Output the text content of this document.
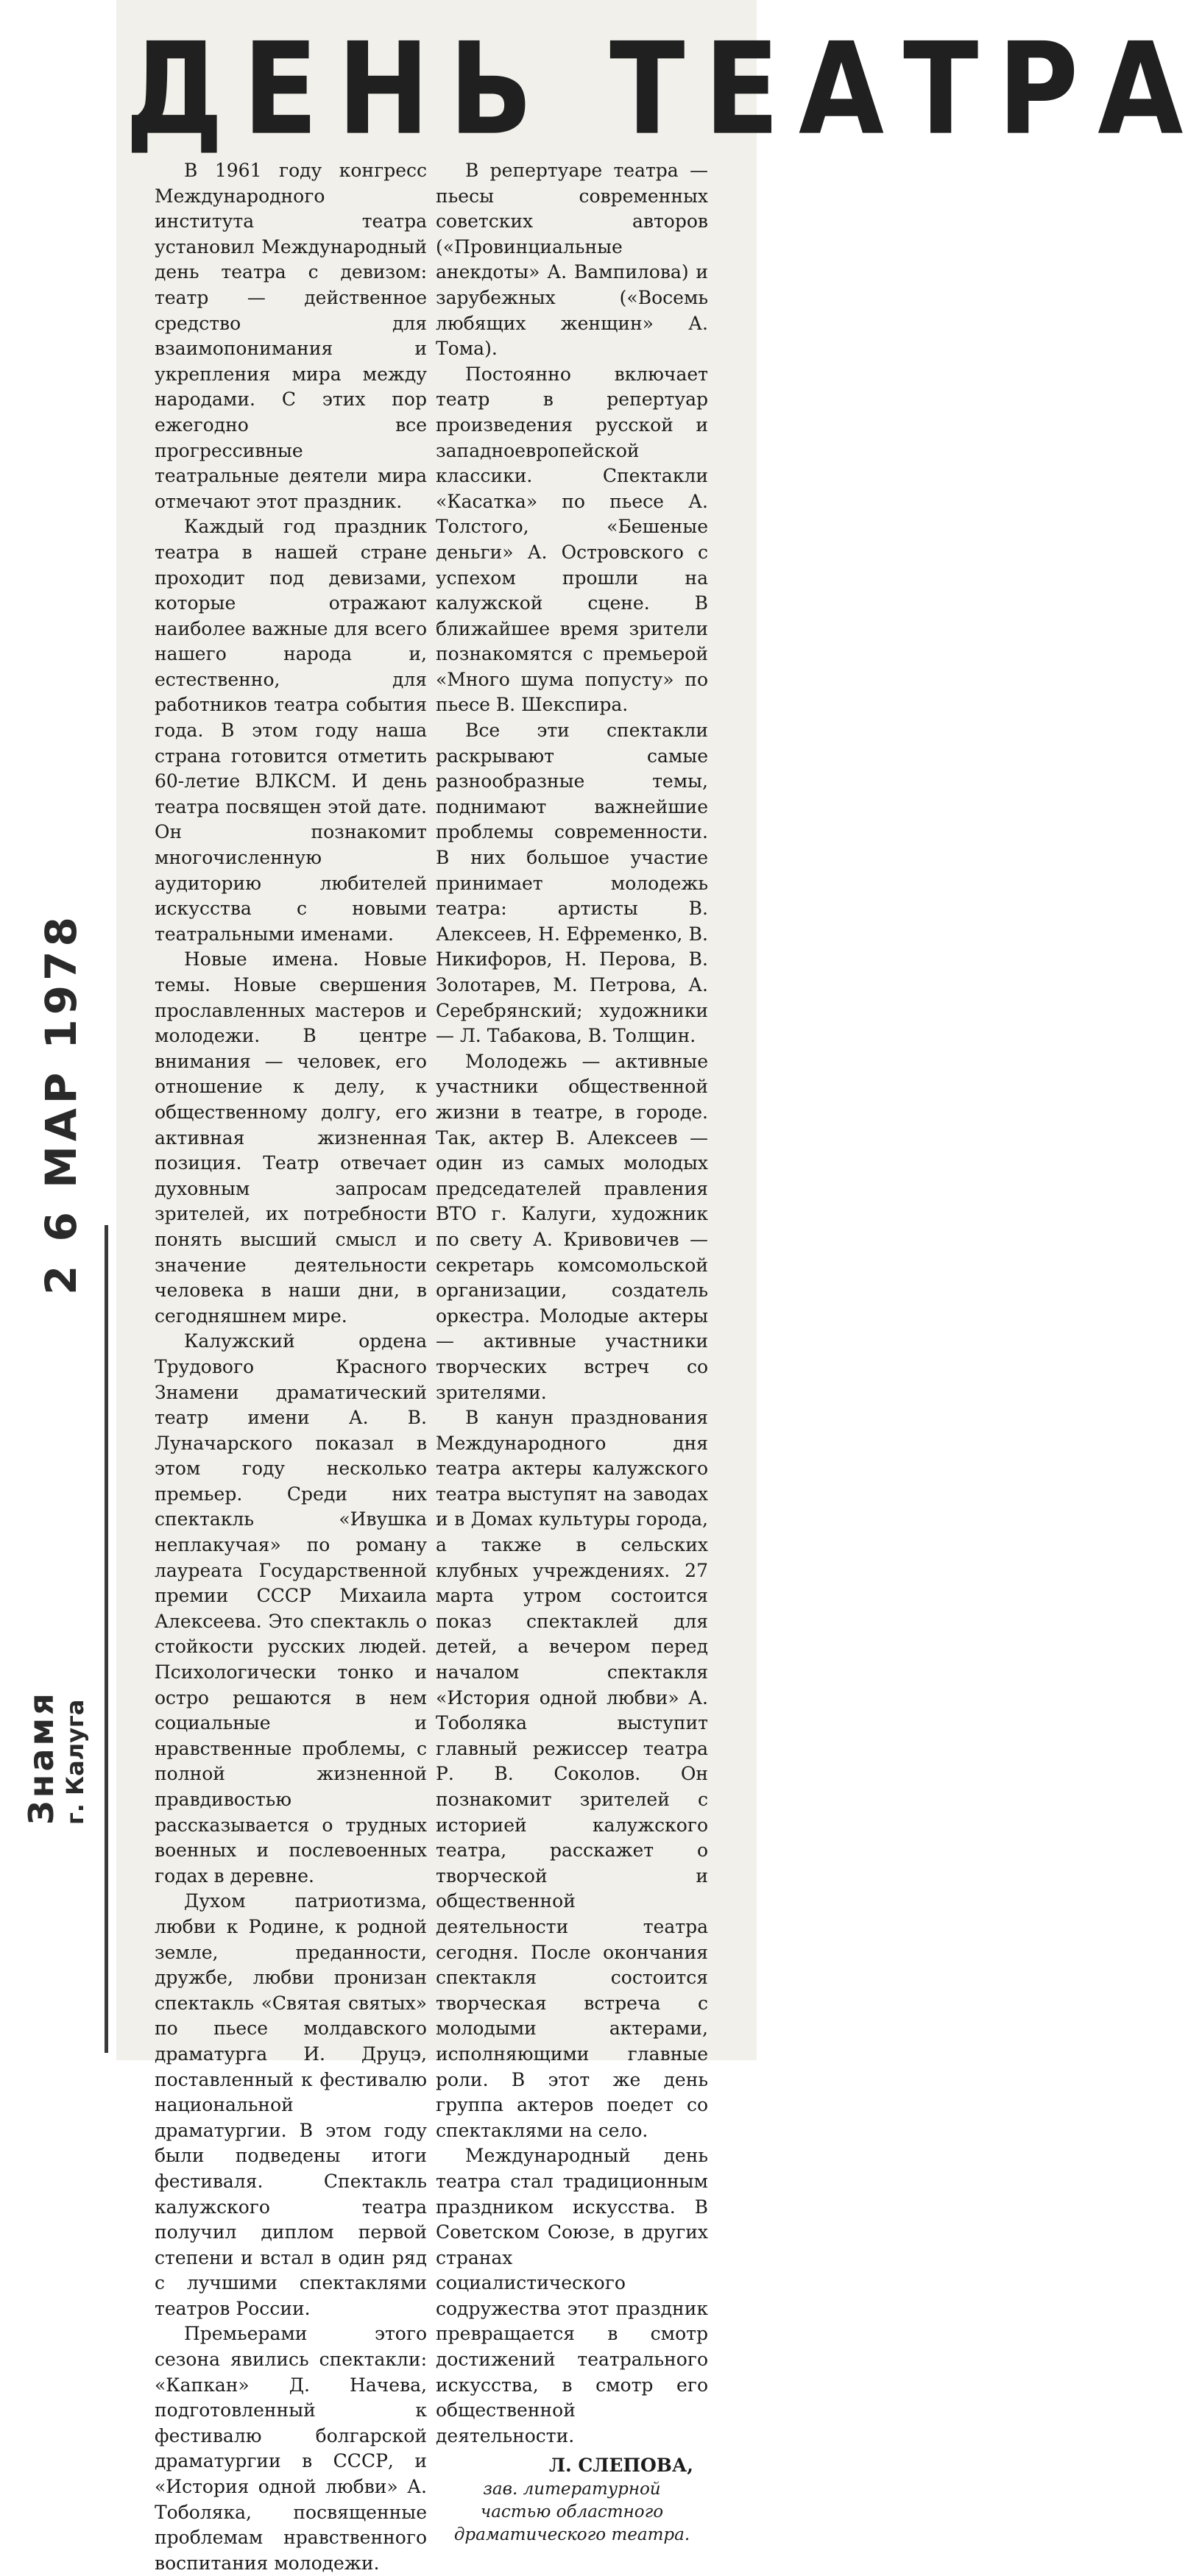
ДЕНЬ ТЕАТРА

В 1961 году конгресс Международного института театра установил Международный день театра с девизом: театр — действенное средство для взаимопонимания и укрепления мира между народами. С этих пор ежегодно все прогрессивные театральные деятели мира отмечают этот праздник.

Каждый год праздник театра в нашей стране проходит под девизами, которые отражают наиболее важные для всего нашего народа и, естественно, для работников театра события года. В этом году наша страна готовится отметить 60-летие ВЛКСМ. И день театра посвящен этой дате. Он познакомит многочисленную аудиторию любителей искусства с новыми театральными именами.

Новые имена. Новые темы. Новые свершения прославленных мастеров и молодежи. В центре внимания — человек, его отношение к делу, к общественному долгу, его активная жизненная позиция. Театр отвечает духовным запросам зрителей, их потребности понять высший смысл и значение деятельности человека в наши дни, в сегодняшнем мире.

Калужский ордена Трудового Красного Знамени драматический театр имени А. В. Луначарского показал в этом году несколько премьер. Среди них спектакль «Ивушка неплакучая» по роману лауреата Государственной премии СССР Михаила Алексеева. Это спектакль о стойкости русских людей. Психологически тонко и остро решаются в нем социальные и нравственные проблемы, с полной жизненной правдивостью рассказывается о трудных военных и послевоенных годах в деревне.

Духом патриотизма, любви к Родине, к родной земле, преданности, дружбе, любви пронизан спектакль «Святая святых» по пьесе молдавского драматурга И. Друцэ, поставленный к фестивалю национальной драматургии. В этом году были подведены итоги фестиваля. Спектакль калужского театра получил диплом первой степени и встал в один ряд с лучшими спектаклями театров России.

Премьерами этого сезона явились спектакли: «Капкан» Д. Начева, подготовленный к фестивалю болгарской драматургии в СССР, и «История одной любви» А. Тоболяка, посвященные проблемам нравственного воспитания молодежи.

В репертуаре театра — пьесы современных советских авторов («Провинциальные анекдоты» А. Вампилова) и зарубежных («Восемь любящих женщин» А. Тома).

Постоянно включает театр в репертуар произведения русской и западноевропейской классики. Спектакли «Касатка» по пьесе А. Толстого, «Бешеные деньги» А. Островского с успехом прошли на калужской сцене. В ближайшее время зрители познакомятся с премьерой «Много шума попусту» по пьесе В. Шекспира.

Все эти спектакли раскрывают самые разнообразные темы, поднимают важнейшие проблемы современности. В них большое участие принимает молодежь театра: артисты В. Алексеев, Н. Ефременко, В. Никифоров, Н. Перова, В. Золотарев, М. Петрова, А. Серебрянский; художники — Л. Табакова, В. Толщин.

Молодежь — активные участники общественной жизни в театре, в городе. Так, актер В. Алексеев — один из самых молодых председателей правления ВТО г. Калуги, художник по свету А. Кривовичев — секретарь комсомольской организации, создатель оркестра. Молодые актеры — активные участники творческих встреч со зрителями.

В канун празднования Международного дня театра актеры калужского театра выступят на заводах и в Домах культуры города, а также в сельских клубных учреждениях. 27 марта утром состоится показ спектаклей для детей, а вечером перед началом спектакля «История одной любви» А. Тоболяка выступит главный режиссер театра Р. В. Соколов. Он познакомит зрителей с историей калужского театра, расскажет о творческой и общественной деятельности театра сегодня. После окончания спектакля состоится творческая встреча с молодыми актерами, исполняющими главные роли. В этот же день группа актеров поедет со спектаклями на село.

Международный день театра стал традиционным праздником искусства. В Советском Союзе, в других странах социалистического содружества этот праздник превращается в смотр достижений театрального искусства, в смотр его общественной деятельности.

Л. СЛЕПОВА,
зав. литературной
частью областного
драматического театра.
2 6 МАР 1978
Знамя г. Калуга
